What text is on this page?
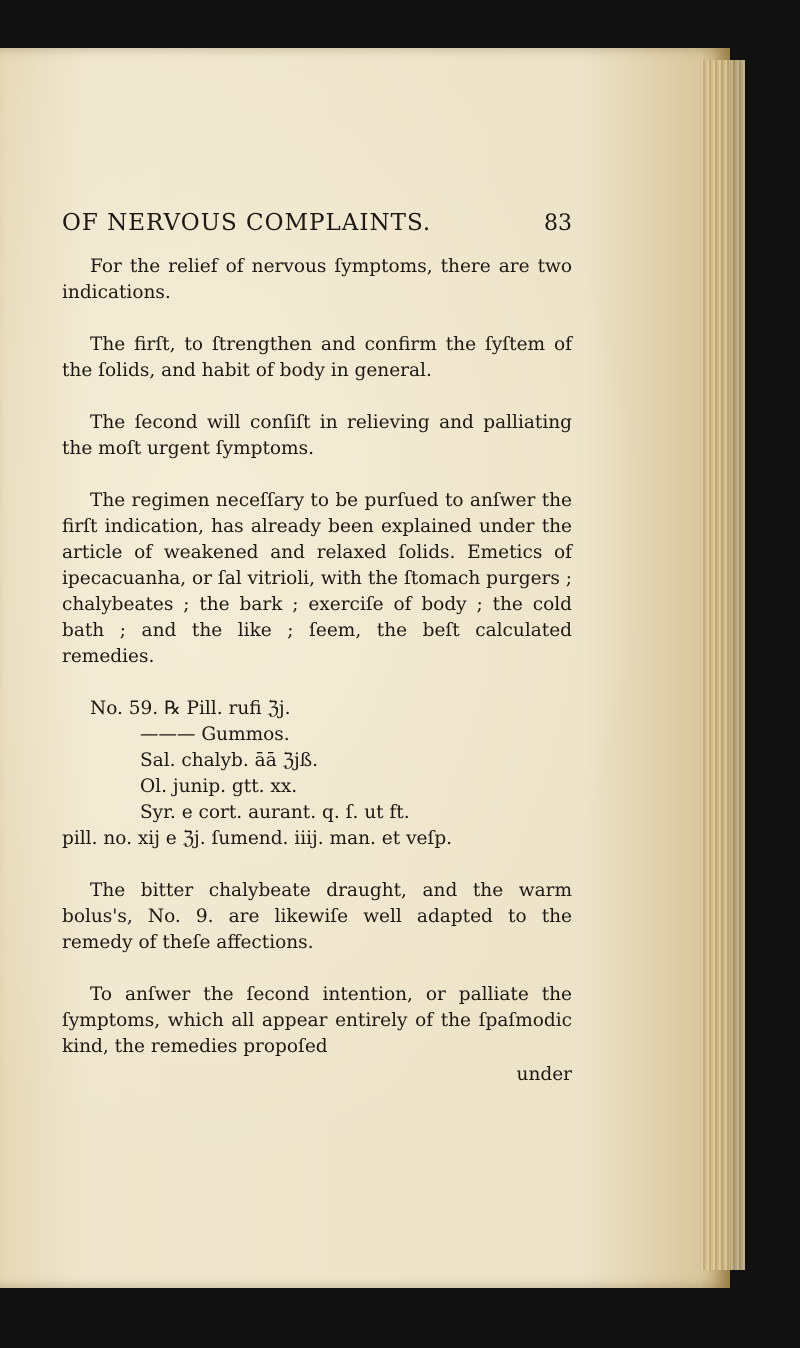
OF NERVOUS COMPLAINTS.	83

For the relief of nervous ſymptoms, there are two indications.

The firſt, to ſtrengthen and confirm the ſyſtem of the ſolids, and habit of body in general.

The ſecond will conſiſt in relieving and palliating the moſt urgent ſymptoms.

The regimen neceſſary to be purſued to anſwer the firſt indication, has already been explained under the article of weakened and relaxed ſolids. Emetics of ipecacuanha, or ſal vitrioli, with the ſtomach purgers ; chalybeates ; the bark ; exerciſe of body ; the cold bath ; and the like ; ſeem, the beſt calculated remedies.

No. 59. ℞ Pill. rufi ℨj.
——— Gummos.
Sal. chalyb. āā ℨjß.
Ol. junip. gtt. xx.
Syr. e cort. aurant. q. ſ. ut ft.
pill. no. xij e ℨj. ſumend. iiij. man. et veſp.

The bitter chalybeate draught, and the warm bolus's, No. 9. are likewiſe well adapted to the remedy of theſe affections.

To anſwer the ſecond intention, or palliate the ſymptoms, which all appear entirely of the ſpaſmodic kind, the remedies propoſed

under
